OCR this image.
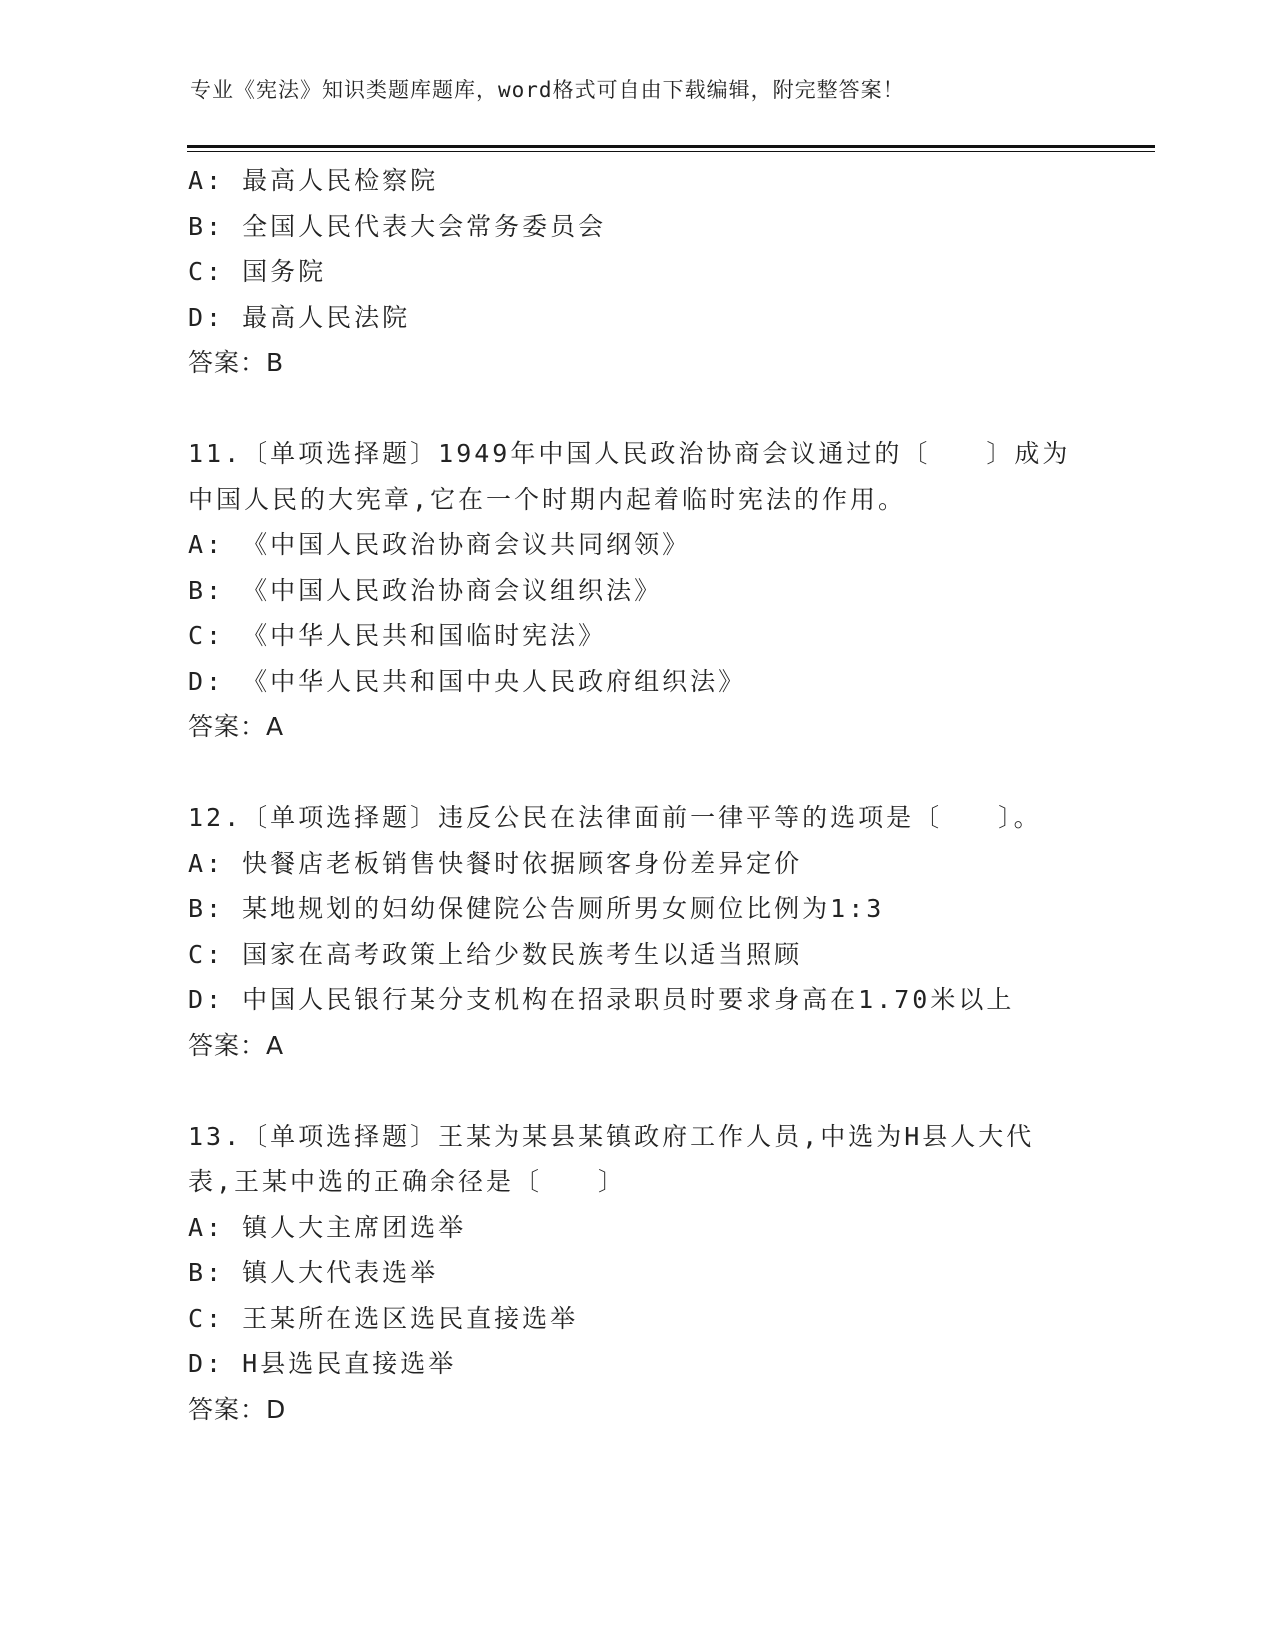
专业《宪法》知识类题库题库，word格式可自由下载编辑，附完整答案！
A: 最高人民检察院
B: 全国人民代表大会常务委员会
C: 国务院
D: 最高人民法院
答案：B
11.〔单项选择题〕1949年中国人民政治协商会议通过的〔　　〕成为
中国人民的大宪章,它在一个时期内起着临时宪法的作用。
A: 《中国人民政治协商会议共同纲领》
B: 《中国人民政治协商会议组织法》
C: 《中华人民共和国临时宪法》
D: 《中华人民共和国中央人民政府组织法》
答案：A
12.〔单项选择题〕违反公民在法律面前一律平等的选项是〔　　〕。
A: 快餐店老板销售快餐时依据顾客身份差异定价
B: 某地规划的妇幼保健院公告厕所男女厕位比例为1:3
C: 国家在高考政策上给少数民族考生以适当照顾
D: 中国人民银行某分支机构在招录职员时要求身高在1.70米以上
答案：A
13.〔单项选择题〕王某为某县某镇政府工作人员,中选为H县人大代
表,王某中选的正确余径是〔　　〕
A: 镇人大主席团选举
B: 镇人大代表选举
C: 王某所在选区选民直接选举
D: H县选民直接选举
答案：D
